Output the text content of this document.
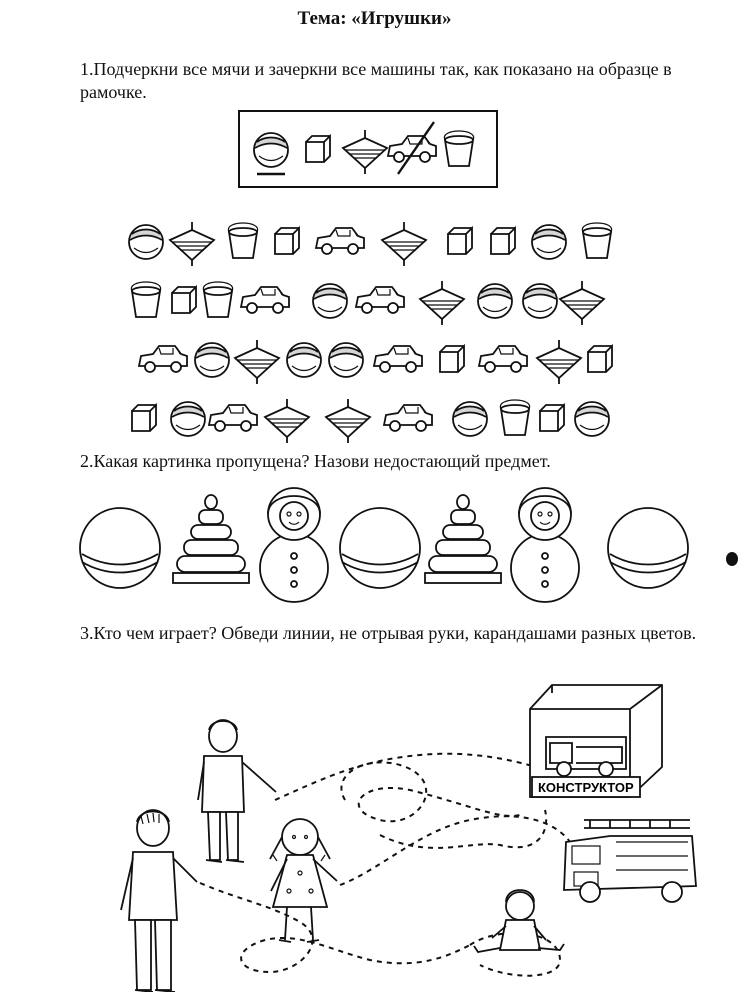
Тема: «Игрушки»
1.Подчеркни все мячи и зачеркни все машины так, как показано на образце в рамочке.
2.Какая картинка пропущена? Назови недостающий предмет.
3.Кто чем играет? Обведи линии, не отрывая руки, карандашами разных цветов.
КОНСТРУКТОР
